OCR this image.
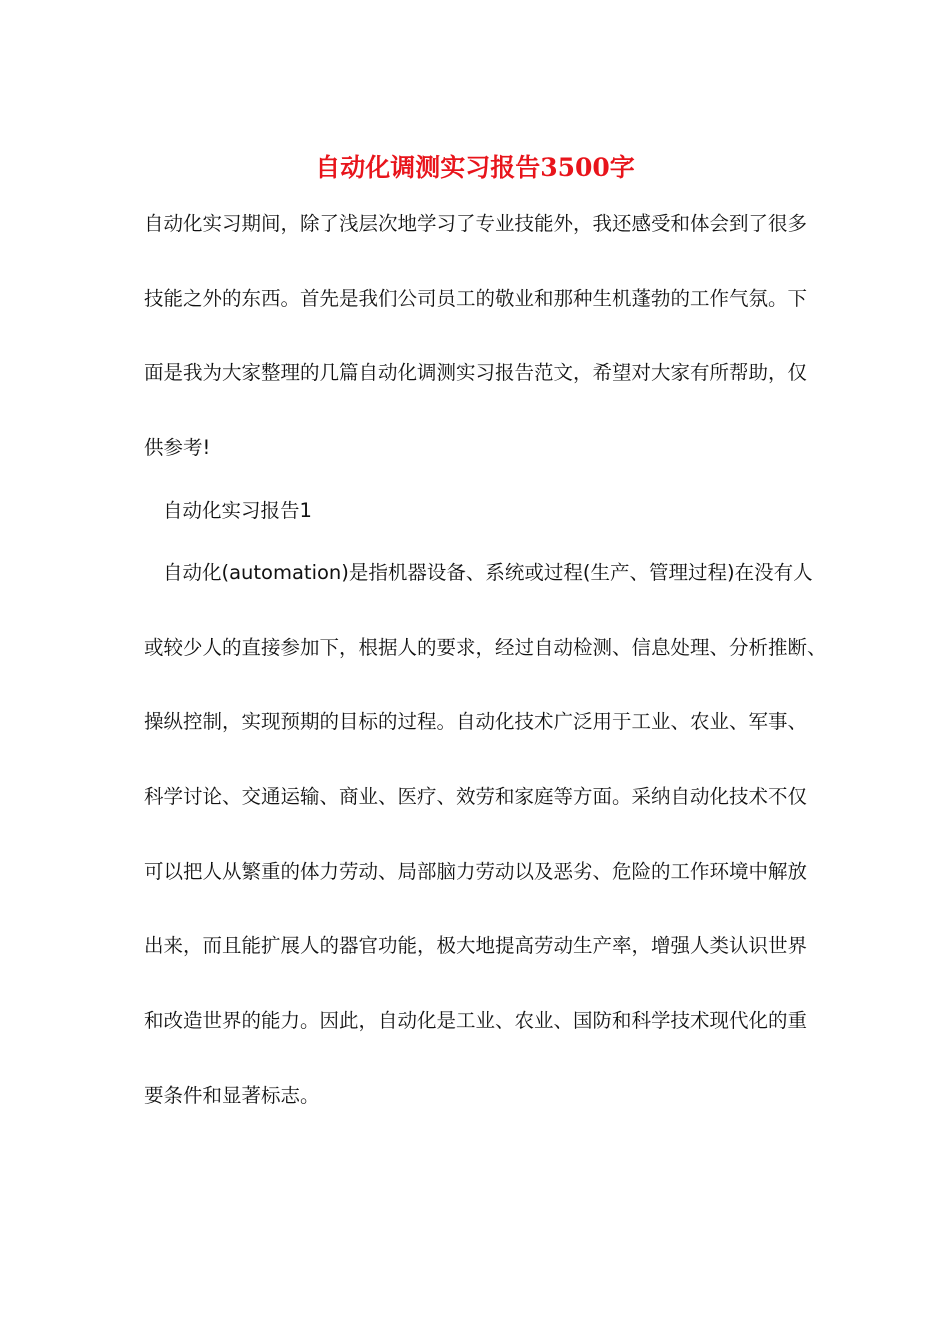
自动化调测实习报告3500字

自动化实习期间，除了浅层次地学习了专业技能外，我还感受和体会到了很多

技能之外的东西。首先是我们公司员工的敬业和那种生机蓬勃的工作气氛。下

面是我为大家整理的几篇自动化调测实习报告范文，希望对大家有所帮助，仅

供参考!

自动化实习报告1

自动化(automation)是指机器设备、系统或过程(生产、管理过程)在没有人

或较少人的直接参加下，根据人的要求，经过自动检测、信息处理、分析推断、

操纵控制，实现预期的目标的过程。自动化技术广泛用于工业、农业、军事、

科学讨论、交通运输、商业、医疗、效劳和家庭等方面。采纳自动化技术不仅

可以把人从繁重的体力劳动、局部脑力劳动以及恶劣、危险的工作环境中解放

出来，而且能扩展人的器官功能，极大地提高劳动生产率，增强人类认识世界

和改造世界的能力。因此，自动化是工业、农业、国防和科学技术现代化的重

要条件和显著标志。
